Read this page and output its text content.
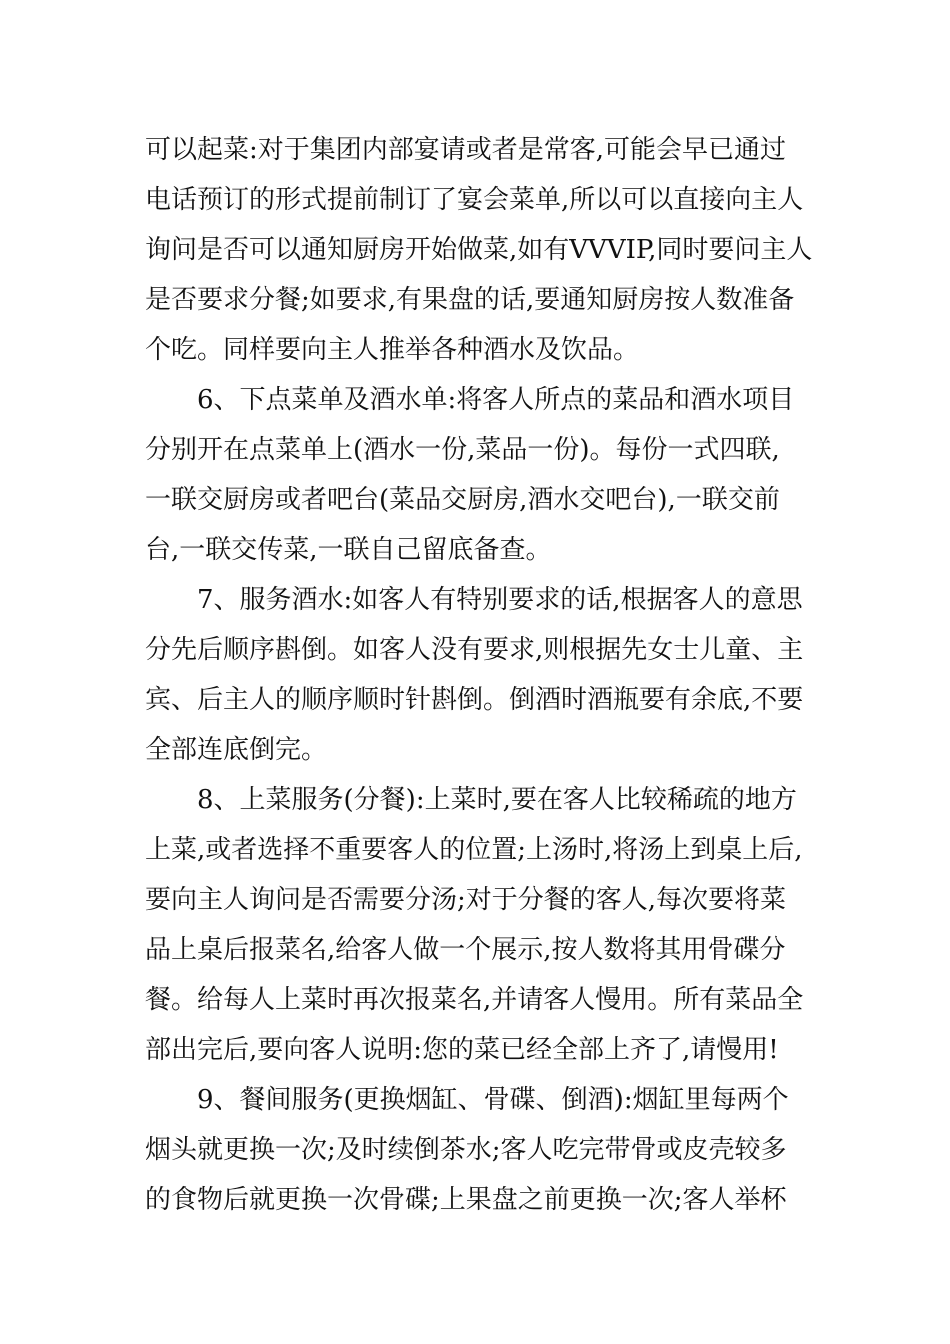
可以起菜:对于集团内部宴请或者是常客,可能会早已通过
电话预订的形式提前制订了宴会菜单,所以可以直接向主人
询问是否可以通知厨房开始做菜,如有VVVIP,同时要问主人
是否要求分餐;如要求,有果盘的话,要通知厨房按人数准备
个吃。同样要向主人推举各种酒水及饮品。
6、下点菜单及酒水单:将客人所点的菜品和酒水项目
分别开在点菜单上(酒水一份,菜品一份)。每份一式四联,
一联交厨房或者吧台(菜品交厨房,酒水交吧台),一联交前
台,一联交传菜,一联自己留底备查。
7、服务酒水:如客人有特别要求的话,根据客人的意思
分先后顺序斟倒。如客人没有要求,则根据先女士儿童、主
宾、后主人的顺序顺时针斟倒。倒酒时酒瓶要有余底,不要
全部连底倒完。
8、上菜服务(分餐):上菜时,要在客人比较稀疏的地方
上菜,或者选择不重要客人的位置;上汤时,将汤上到桌上后,
要向主人询问是否需要分汤;对于分餐的客人,每次要将菜
品上桌后报菜名,给客人做一个展示,按人数将其用骨碟分
餐。给每人上菜时再次报菜名,并请客人慢用。所有菜品全
部出完后,要向客人说明:您的菜已经全部上齐了,请慢用!
9、餐间服务(更换烟缸、骨碟、倒酒):烟缸里每两个
烟头就更换一次;及时续倒茶水;客人吃完带骨或皮壳较多
的食物后就更换一次骨碟;上果盘之前更换一次;客人举杯
